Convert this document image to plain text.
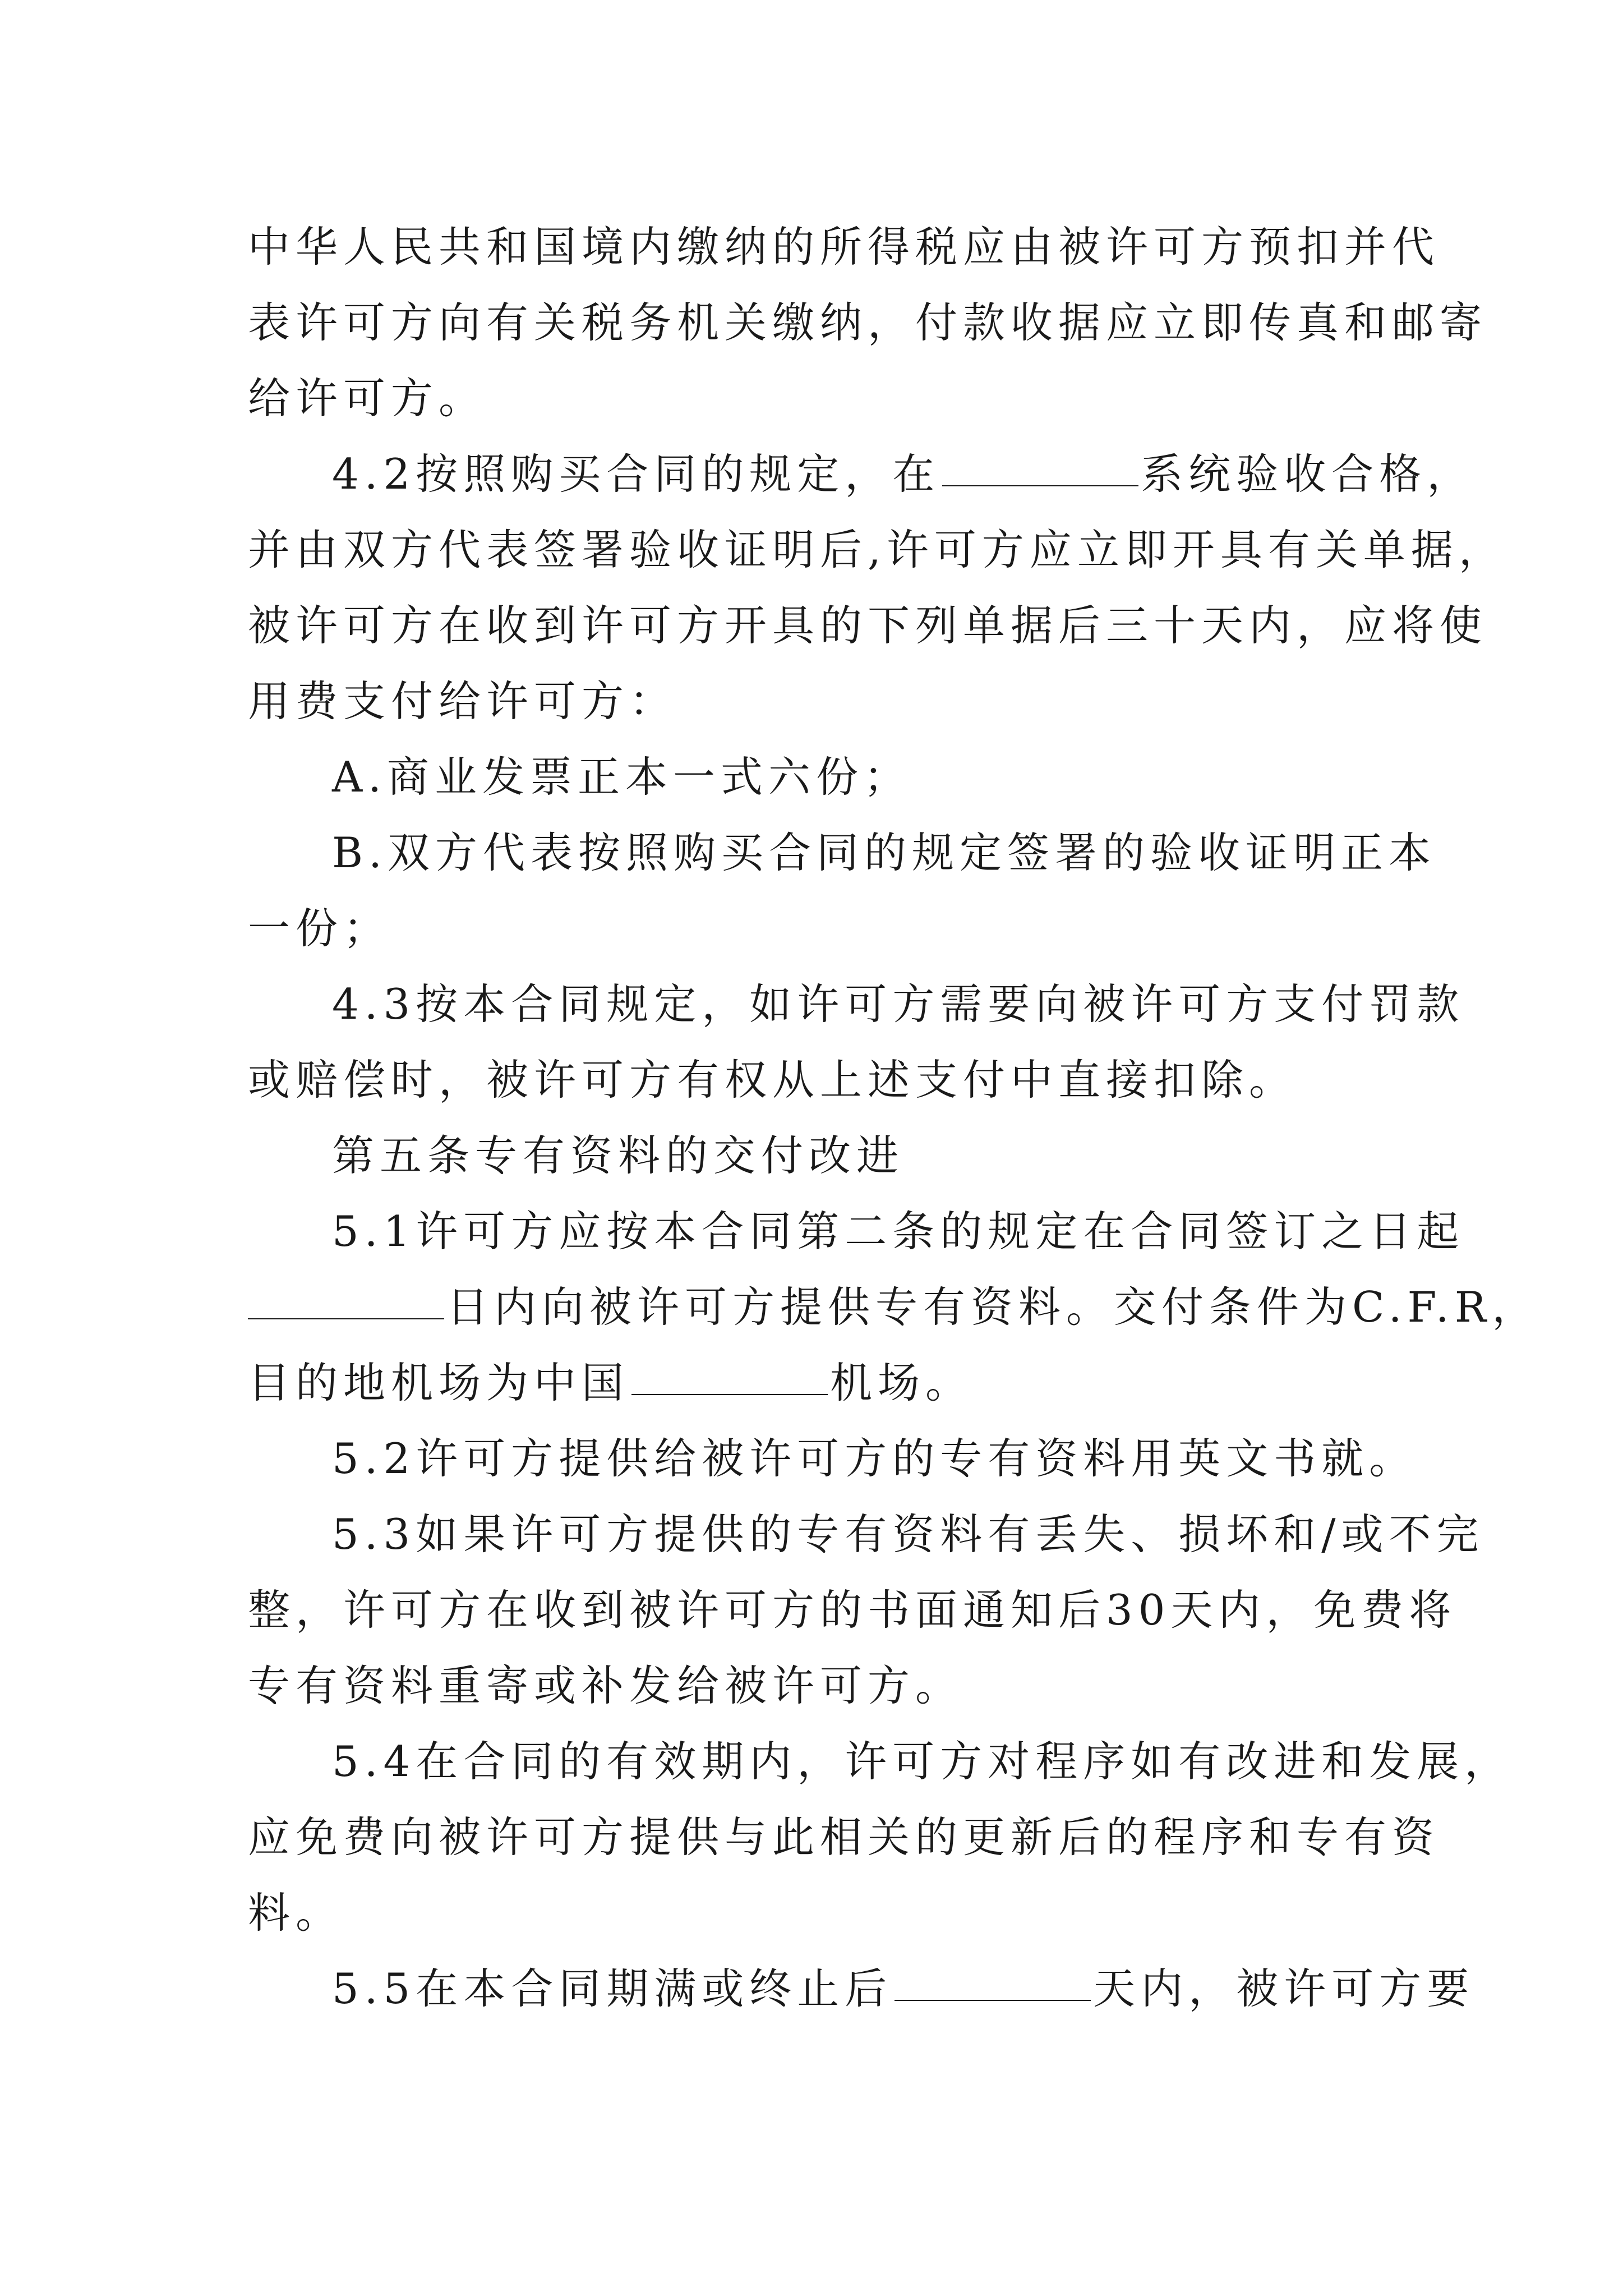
中华人民共和国境内缴纳的所得税应由被许可方预扣并代
表许可方向有关税务机关缴纳，付款收据应立即传真和邮寄
给许可方。
4.2按照购买合同的规定，在	系统验收合格，
并由双方代表签署验收证明后,许可方应立即开具有关单据，
被许可方在收到许可方开具的下列单据后三十天内，应将使
用费支付给许可方：
A.商业发票正本一式六份；
B.双方代表按照购买合同的规定签署的验收证明正本
一份；
4.3按本合同规定，如许可方需要向被许可方支付罚款
或赔偿时，被许可方有权从上述支付中直接扣除。
第五条专有资料的交付改进
5.1许可方应按本合同第二条的规定在合同签订之日起
日内向被许可方提供专有资料。交付条件为C.F.R，
目的地机场为中国	机场。
5.2许可方提供给被许可方的专有资料用英文书就。
5.3如果许可方提供的专有资料有丢失、损坏和/或不完
整，许可方在收到被许可方的书面通知后30天内，免费将
专有资料重寄或补发给被许可方。
5.4在合同的有效期内，许可方对程序如有改进和发展，
应免费向被许可方提供与此相关的更新后的程序和专有资
料。
5.5在本合同期满或终止后	天内，被许可方要
